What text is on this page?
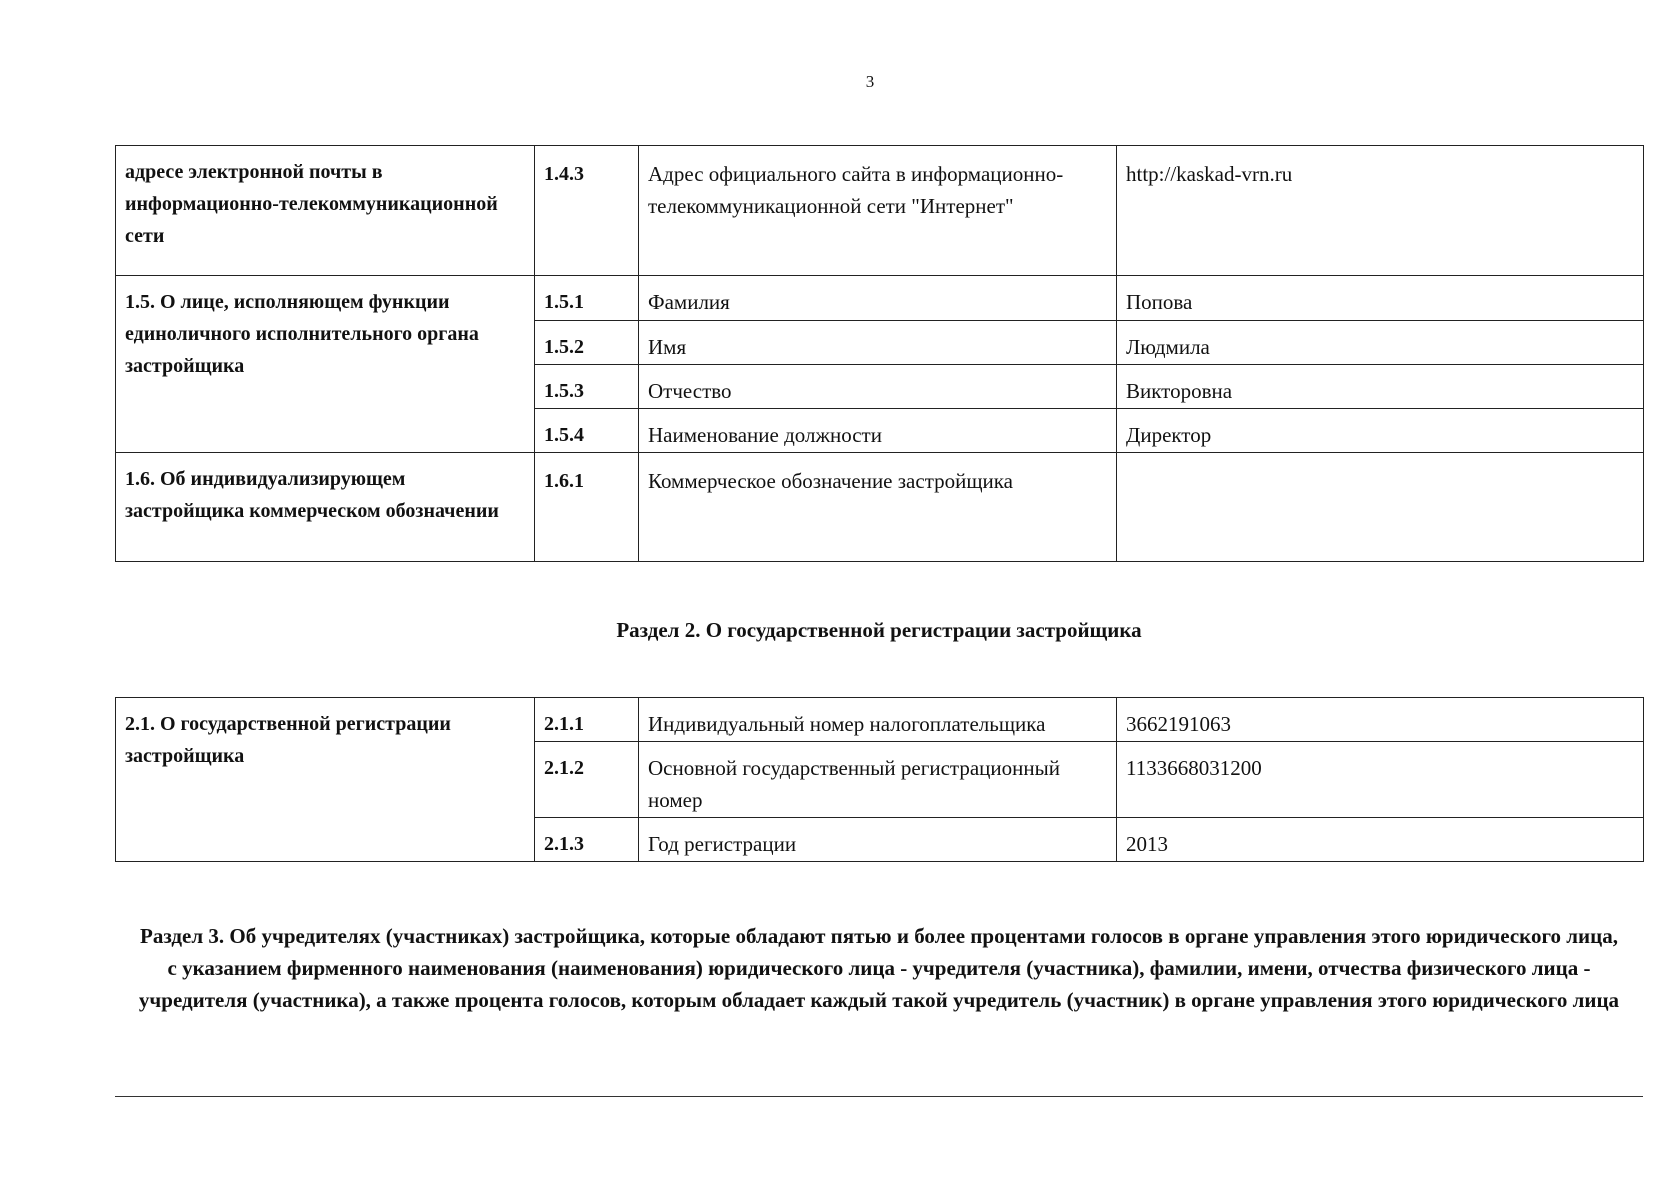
3
адресе электронной почты в информационно-телекоммуникационной сети	1.4.3	Адрес официального сайта в информационно-телекоммуникационной сети "Интернет"	http://kaskad-vrn.ru
1.5. О лице, исполняющем функции единоличного исполнительного органа застройщика	1.5.1	Фамилия	Попова
	1.5.2	Имя	Людмила
	1.5.3	Отчество	Викторовна
	1.5.4	Наименование должности	Директор
1.6. Об индивидуализирующем застройщика коммерческом обозначении	1.6.1	Коммерческое обозначение застройщика	
Раздел 2. О государственной регистрации застройщика
2.1. О государственной регистрации застройщика	2.1.1	Индивидуальный номер налогоплательщика	3662191063
	2.1.2	Основной государственный регистрационный номер	1133668031200
	2.1.3	Год регистрации	2013
Раздел 3. Об учредителях (участниках) застройщика, которые обладают пятью и более процентами голосов в органе управления этого юридического лица, с указанием фирменного наименования (наименования) юридического лица - учредителя (участника), фамилии, имени, отчества физического лица - учредителя (участника), а также процента голосов, которым обладает каждый такой учредитель (участник) в органе управления этого юридического лица
